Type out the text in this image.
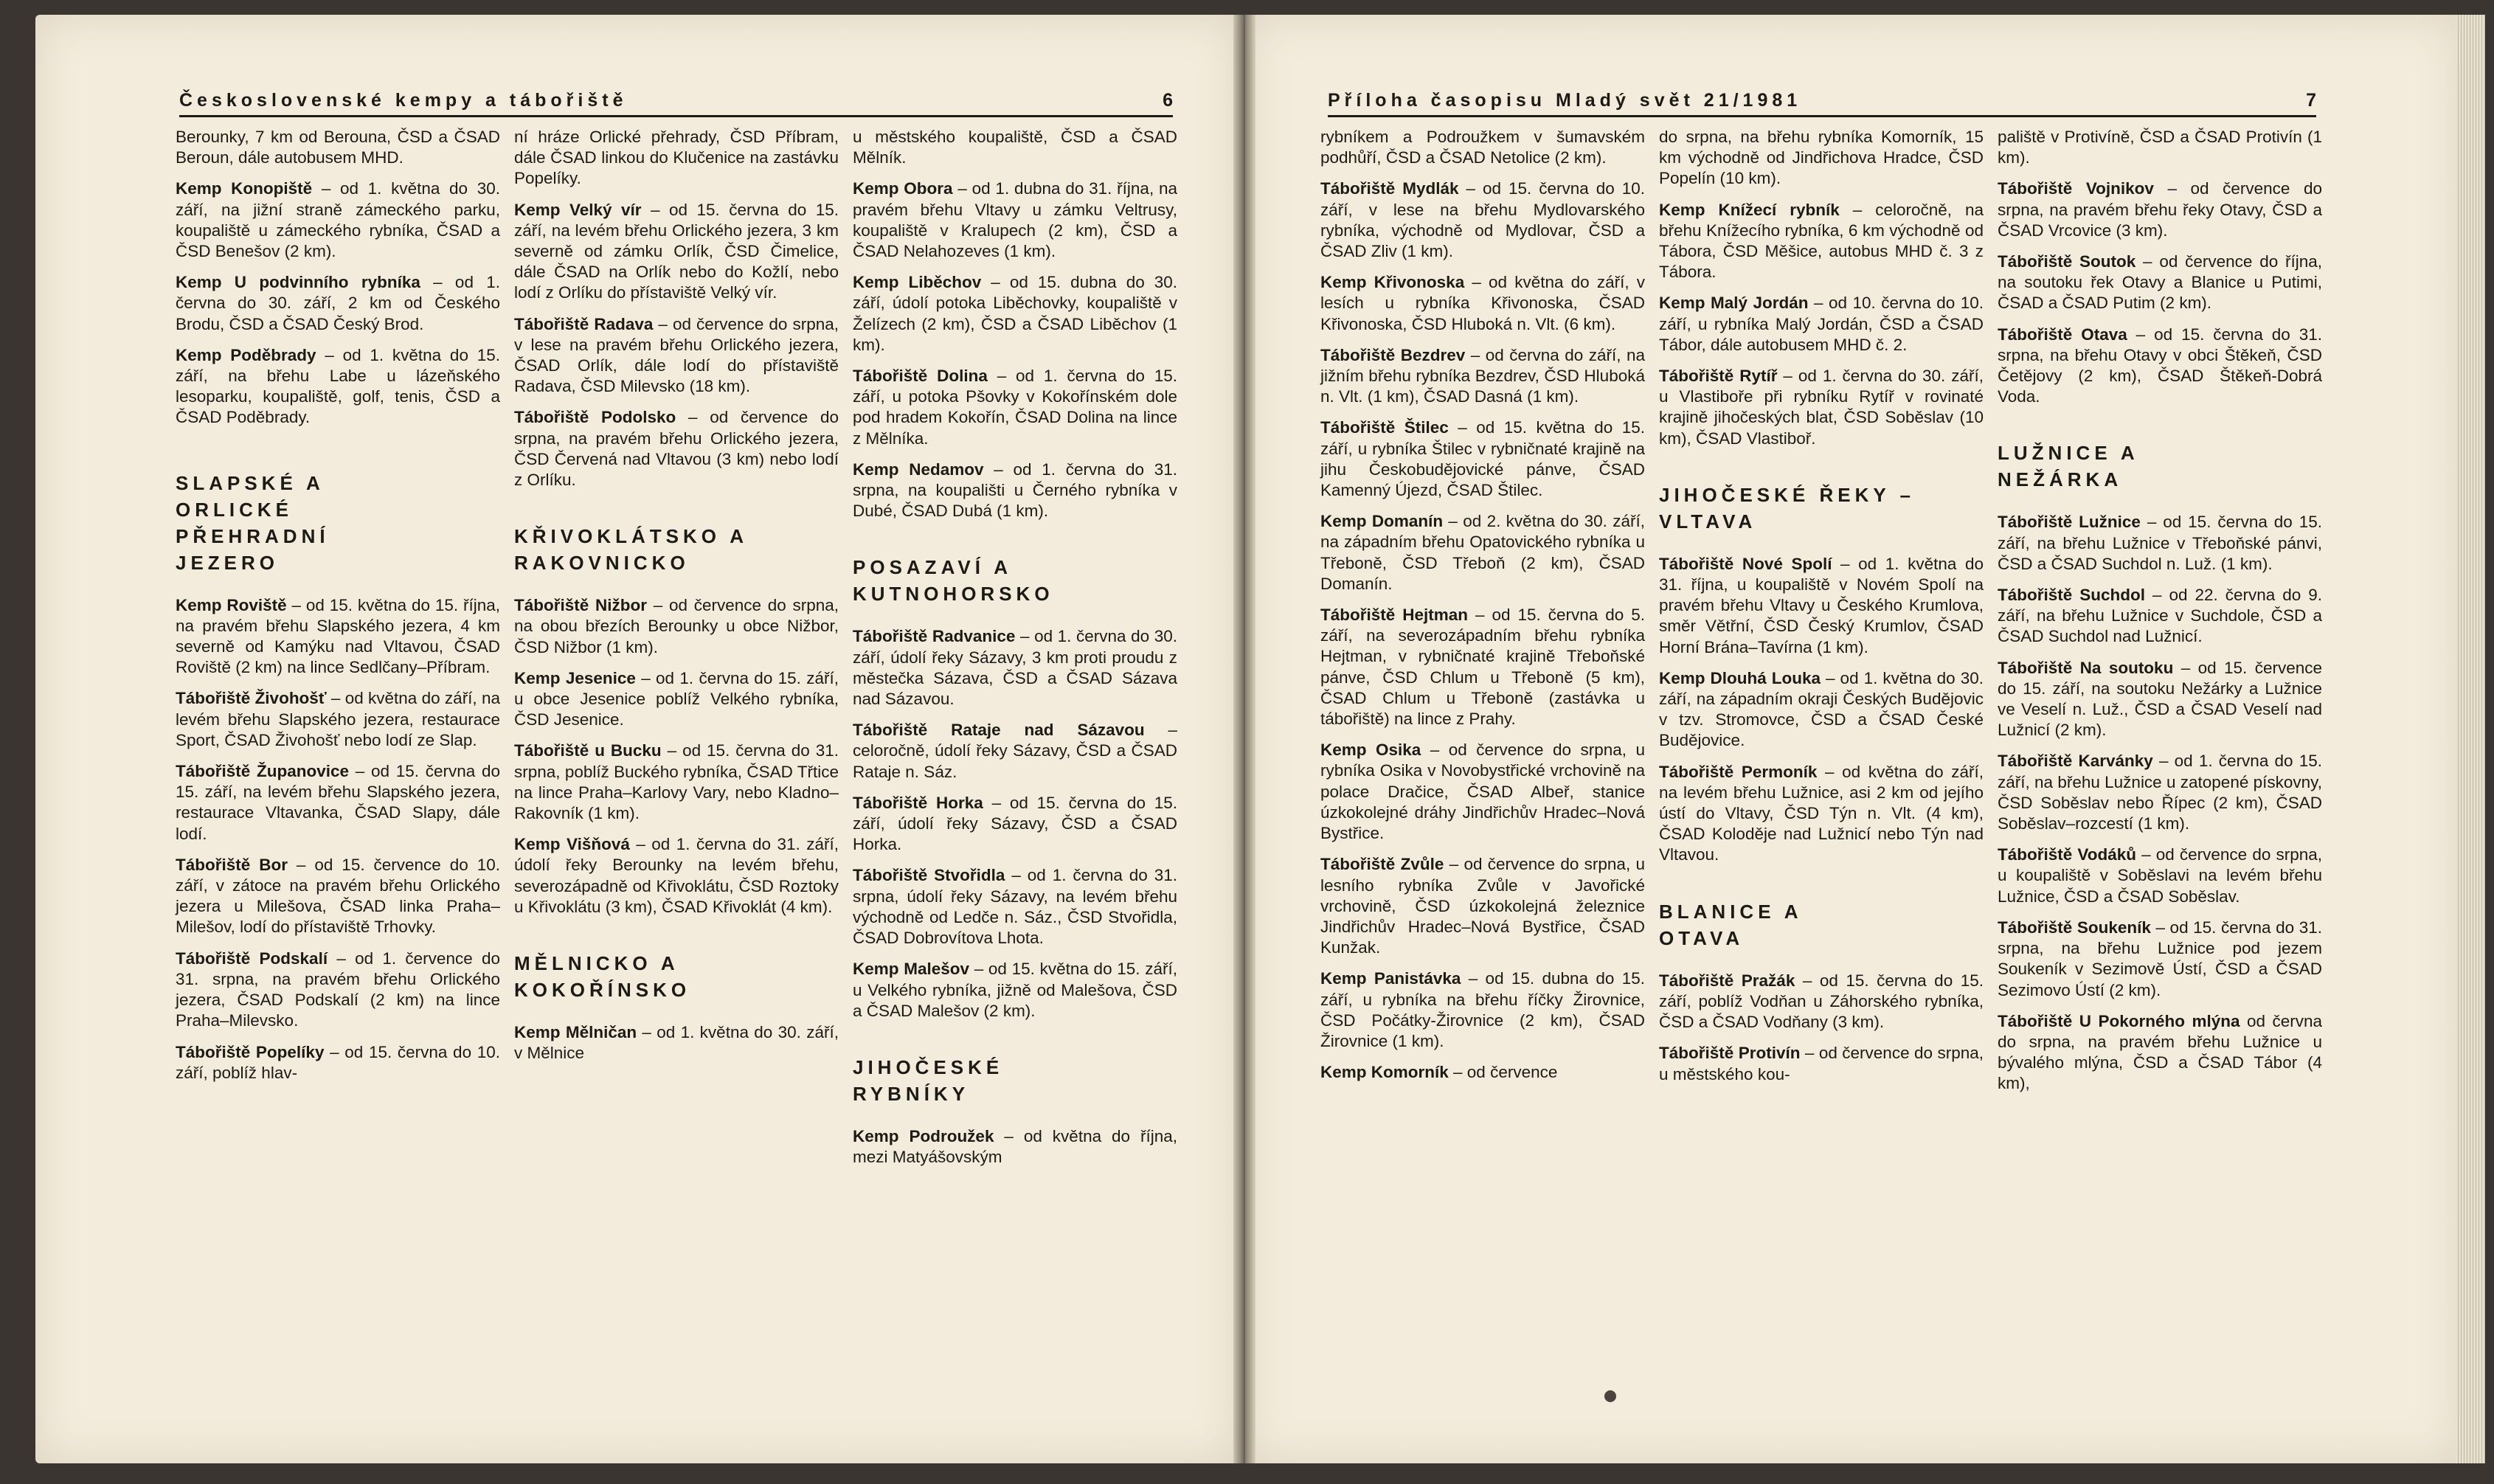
Československé kempy a tábořiště	6

Berounky, 7 km od Berouna, ČSD a ČSAD Beroun, dále autobusem MHD.

Kemp Konopiště – od 1. května do 30. září, na jižní straně zámeckého parku, koupaliště u zámeckého rybníka, ČSAD a ČSD Benešov (2 km).

Kemp U podvinního rybníka – od 1. června do 30. září, 2 km od Českého Brodu, ČSD a ČSAD Český Brod.

Kemp Poděbrady – od 1. května do 15. září, na břehu Labe u lázeňského lesoparku, koupaliště, golf, tenis, ČSD a ČSAD Poděbrady.

SLAPSKÉ A ORLICKÉ PŘEHRADNÍ JEZERO

Kemp Roviště – od 15. května do 15. října, na pravém břehu Slapského jezera, 4 km severně od Kamýku nad Vltavou, ČSAD Roviště (2 km) na lince Sedlčany–Příbram.

Tábořiště Živohošť – od května do září, na levém břehu Slapského jezera, restaurace Sport, ČSAD Živohošť nebo lodí ze Slap.

Tábořiště Županovice – od 15. června do 15. září, na levém břehu Slapského jezera, restaurace Vltavanka, ČSAD Slapy, dále lodí.

Tábořiště Bor – od 15. července do 10. září, v zátoce na pravém břehu Orlického jezera u Milešova, ČSAD linka Praha–Milešov, lodí do přístaviště Trhovky.

Tábořiště Podskalí – od 1. července do 31. srpna, na pravém břehu Orlického jezera, ČSAD Podskalí (2 km) na lince Praha–Milevsko.

Tábořiště Popelíky – od 15. června do 10. září, poblíž hlav-

ní hráze Orlické přehrady, ČSD Příbram, dále ČSAD linkou do Klučenice na zastávku Popelíky.

Kemp Velký vír – od 15. června do 15. září, na levém břehu Orlického jezera, 3 km severně od zámku Orlík, ČSD Čimelice, dále ČSAD na Orlík nebo do Kožlí, nebo lodí z Orlíku do přístaviště Velký vír.

Tábořiště Radava – od července do srpna, v lese na pravém břehu Orlického jezera, ČSAD Orlík, dále lodí do přístaviště Radava, ČSD Milevsko (18 km).

Tábořiště Podolsko – od července do srpna, na pravém břehu Orlického jezera, ČSD Červená nad Vltavou (3 km) nebo lodí z Orlíku.

KŘIVOKLÁTSKO A RAKOVNICKO

Tábořiště Nižbor – od července do srpna, na obou březích Berounky u obce Nižbor, ČSD Nižbor (1 km).

Kemp Jesenice – od 1. června do 15. září, u obce Jesenice poblíž Velkého rybníka, ČSD Jesenice.

Tábořiště u Bucku – od 15. června do 31. srpna, poblíž Buckého rybníka, ČSAD Třtice na lince Praha–Karlovy Vary, nebo Kladno–Rakovník (1 km).

Kemp Višňová – od 1. června do 31. září, údolí řeky Berounky na levém břehu, severozápadně od Křivoklátu, ČSD Roztoky u Křivoklátu (3 km), ČSAD Křivoklát (4 km).

MĚLNICKO A KOKOŘÍNSKO

Kemp Mělničan – od 1. května do 30. září, v Mělnice

u městského koupaliště, ČSD a ČSAD Mělník.

Kemp Obora – od 1. dubna do 31. října, na pravém břehu Vltavy u zámku Veltrusy, koupaliště v Kralupech (2 km), ČSD a ČSAD Nelahozeves (1 km).

Kemp Liběchov – od 15. dubna do 30. září, údolí potoka Liběchovky, koupaliště v Želízech (2 km), ČSD a ČSAD Liběchov (1 km).

Tábořiště Dolina – od 1. června do 15. září, u potoka Pšovky v Kokořínském dole pod hradem Kokořín, ČSAD Dolina na lince z Mělníka.

Kemp Nedamov – od 1. června do 31. srpna, na koupališti u Černého rybníka v Dubé, ČSAD Dubá (1 km).

POSAZAVÍ A KUTNOHORSKO

Tábořiště Radvanice – od 1. června do 30. září, údolí řeky Sázavy, 3 km proti proudu z městečka Sázava, ČSD a ČSAD Sázava nad Sázavou.

Tábořiště Rataje nad Sázavou – celoročně, údolí řeky Sázavy, ČSD a ČSAD Rataje n. Sáz.

Tábořiště Horka – od 15. června do 15. září, údolí řeky Sázavy, ČSD a ČSAD Horka.

Tábořiště Stvořidla – od 1. června do 31. srpna, údolí řeky Sázavy, na levém břehu východně od Ledče n. Sáz., ČSD Stvořidla, ČSAD Dobrovítova Lhota.

Kemp Malešov – od 15. května do 15. září, u Velkého rybníka, jižně od Malešova, ČSD a ČSAD Malešov (2 km).

JIHOČESKÉ RYBNÍKY

Kemp Podroužek – od května do října, mezi Matyášovským

Příloha časopisu Mladý svět 21/1981	7

rybníkem a Podroužkem v šumavském podhůří, ČSD a ČSAD Netolice (2 km).

Tábořiště Mydlák – od 15. června do 10. září, v lese na břehu Mydlovarského rybníka, východně od Mydlovar, ČSD a ČSAD Zliv (1 km).

Kemp Křivonoska – od května do září, v lesích u rybníka Křivonoska, ČSAD Křivonoska, ČSD Hluboká n. Vlt. (6 km).

Tábořiště Bezdrev – od června do září, na jižním břehu rybníka Bezdrev, ČSD Hluboká n. Vlt. (1 km), ČSAD Dasná (1 km).

Tábořiště Štilec – od 15. května do 15. září, u rybníka Štilec v rybničnaté krajině na jihu Českobudějovické pánve, ČSAD Kamenný Újezd, ČSAD Štilec.

Kemp Domanín – od 2. května do 30. září, na západním břehu Opatovického rybníka u Třeboně, ČSD Třeboň (2 km), ČSAD Domanín.

Tábořiště Hejtman – od 15. června do 5. září, na severozápadním břehu rybníka Hejtman, v rybničnaté krajině Třeboňské pánve, ČSD Chlum u Třeboně (5 km), ČSAD Chlum u Třeboně (zastávka u tábořiště) na lince z Prahy.

Kemp Osika – od července do srpna, u rybníka Osika v Novobystřické vrchovině na polace Dračice, ČSAD Albeř, stanice úzkokolejné dráhy Jindřichův Hradec–Nová Bystřice.

Tábořiště Zvůle – od července do srpna, u lesního rybníka Zvůle v Javořické vrchovině, ČSD úzkokolejná železnice Jindřichův Hradec–Nová Bystřice, ČSAD Kunžak.

Kemp Panistávka – od 15. dubna do 15. září, u rybníka na břehu říčky Žirovnice, ČSD Počátky-Žirovnice (2 km), ČSAD Žirovnice (1 km).

Kemp Komorník – od července

do srpna, na břehu rybníka Komorník, 15 km východně od Jindřichova Hradce, ČSD Popelín (10 km).

Kemp Knížecí rybník – celoročně, na břehu Knížecího rybníka, 6 km východně od Tábora, ČSD Měšice, autobus MHD č. 3 z Tábora.

Kemp Malý Jordán – od 10. června do 10. září, u rybníka Malý Jordán, ČSD a ČSAD Tábor, dále autobusem MHD č. 2.

Tábořiště Rytíř – od 1. června do 30. září, u Vlastiboře při rybníku Rytíř v rovinaté krajině jihočeských blat, ČSD Soběslav (10 km), ČSAD Vlastiboř.

JIHOČESKÉ ŘEKY – VLTAVA

Tábořiště Nové Spolí – od 1. května do 31. října, u koupaliště v Novém Spolí na pravém břehu Vltavy u Českého Krumlova, směr Větřní, ČSD Český Krumlov, ČSAD Horní Brána–Tavírna (1 km).

Kemp Dlouhá Louka – od 1. května do 30. září, na západním okraji Českých Budějovic v tzv. Stromovce, ČSD a ČSAD České Budějovice.

Tábořiště Permoník – od května do září, na levém břehu Lužnice, asi 2 km od jejího ústí do Vltavy, ČSD Týn n. Vlt. (4 km), ČSAD Koloděje nad Lužnicí nebo Týn nad Vltavou.

BLANICE A OTAVA

Tábořiště Pražák – od 15. června do 15. září, poblíž Vodňan u Záhorského rybníka, ČSD a ČSAD Vodňany (3 km).

Tábořiště Protivín – od července do srpna, u městského kou-

paliště v Protivíně, ČSD a ČSAD Protivín (1 km).

Tábořiště Vojnikov – od července do srpna, na pravém břehu řeky Otavy, ČSD a ČSAD Vrcovice (3 km).

Tábořiště Soutok – od července do října, na soutoku řek Otavy a Blanice u Putimi, ČSAD a ČSAD Putim (2 km).

Tábořiště Otava – od 15. června do 31. srpna, na břehu Otavy v obci Štěkeň, ČSD Četějovy (2 km), ČSAD Štěkeň-Dobrá Voda.

LUŽNICE A NEŽÁRKA

Tábořiště Lužnice – od 15. června do 15. září, na břehu Lužnice v Třeboňské pánvi, ČSD a ČSAD Suchdol n. Luž. (1 km).

Tábořiště Suchdol – od 22. června do 9. září, na břehu Lužnice v Suchdole, ČSD a ČSAD Suchdol nad Lužnicí.

Tábořiště Na soutoku – od 15. července do 15. září, na soutoku Nežárky a Lužnice ve Veselí n. Luž., ČSD a ČSAD Veselí nad Lužnicí (2 km).

Tábořiště Karvánky – od 1. června do 15. září, na břehu Lužnice u zatopené pískovny, ČSD Soběslav nebo Řípec (2 km), ČSAD Soběslav–rozcestí (1 km).

Tábořiště Vodáků – od července do srpna, u koupaliště v Soběslavi na levém břehu Lužnice, ČSD a ČSAD Soběslav.

Tábořiště Soukeník – od 15. června do 31. srpna, na břehu Lužnice pod jezem Soukeník v Sezimově Ústí, ČSD a ČSAD Sezimovo Ústí (2 km).

Tábořiště U Pokorného mlýna od června do srpna, na pravém břehu Lužnice u bývalého mlýna, ČSD a ČSAD Tábor (4 km),
